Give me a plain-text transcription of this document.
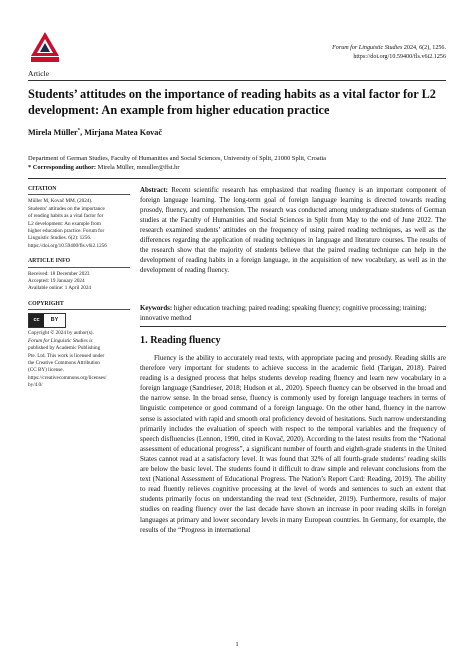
Forum for Linguistic Studies 2024, 6(2), 1256.
https://doi.org/10.59400/fls.v6i2.1256
Article
Students’ attitudes on the importance of reading habits as a vital factor for L2 development: An example from higher education practice
Mirela Müller*, Mirjana Matea Kovač
Department of German Studies, Faculty of Humanities and Social Sciences, University of Split, 21000 Split, Croatia
* Corresponding author: Mirela Müller, mmuller@ffst.hr
CITATION
Müller M, Kovač MM. (2024).
Students’ attitudes on the importance
of reading habits as a vital factor for
L2 development: An example from
higher education practice. Forum for
Linguistic Studies. 6(2): 1256.
https://doi.org/10.59400/fls.v6i2.1256
ARTICLE INFO
Received: 18 December 2023
Accepted: 19 January 2024
Available online: 1 April 2024
COPYRIGHT
cc	BY
Copyright © 2024 by author(s).
Forum for Linguistic Studies is
published by Academic Publishing
Pte. Ltd. This work is licensed under
the Creative Commons Attribution
(CC BY) license.
https://creativecommons.org/licenses/
by/4.0/
Abstract: Recent scientific research has emphasized that reading fluency is an important component of foreign language learning. The long-term goal of foreign language learning is directed towards reading prosody, fluency, and comprehension. The research was conducted among undergraduate students of German studies at the Faculty of Humanities and Social Sciences in Split from May to the end of June 2022. The research examined students’ attitudes on the frequency of using paired reading techniques, as well as the differences regarding the application of reading techniques in language and literature courses. The results of the research show that the majority of students believe that the paired reading technique can help in the development of reading habits in a foreign language, in the acquisition of new vocabulary, as well as in the development of reading fluency.
Keywords: higher education teaching; paired reading; speaking fluency; cognitive processing; training; innovative method
1. Reading fluency

Fluency is the ability to accurately read texts, with appropriate pacing and prosody. Reading skills are therefore very important for students to achieve success in the academic field (Tarigan, 2018). Paired reading is a designed process that helps students develop reading fluency and learn new vocabulary in a foreign language (Sandrieser, 2018; Hudson et al., 2020). Speech fluency can be observed in the broad and the narrow sense. In the broad sense, fluency is commonly used by foreign language teachers in terms of linguistic competence or good command of a foreign language. On the other hand, fluency in the narrow sense is associated with rapid and smooth oral proficiency devoid of hesitations. Such narrow understanding primarily includes the evaluation of speech with respect to the temporal variables and the frequency of speech disfluencies (Lennon, 1990, cited in Kovač, 2020). According to the latest results from the “National assessment of educational progress”, a significant number of fourth and eighth-grade students in the United States cannot read at a satisfactory level. It was found that 32% of all fourth-grade students’ reading skills are below the basic level. The students found it difficult to draw simple and relevant conclusions from the text (National Assessment of Educational Progress. The Nation’s Report Card: Reading, 2019). The ability to read fluently relieves cognitive processing at the level of words and sentences to such an extent that students primarily focus on understanding the read text (Schneider, 2019). Furthermore, results of major studies on reading fluency over the last decade have shown an increase in poor reading skills in foreign languages at primary and lower secondary levels in many European countries. In Germany, for example, the results of the “Progress in international

1
